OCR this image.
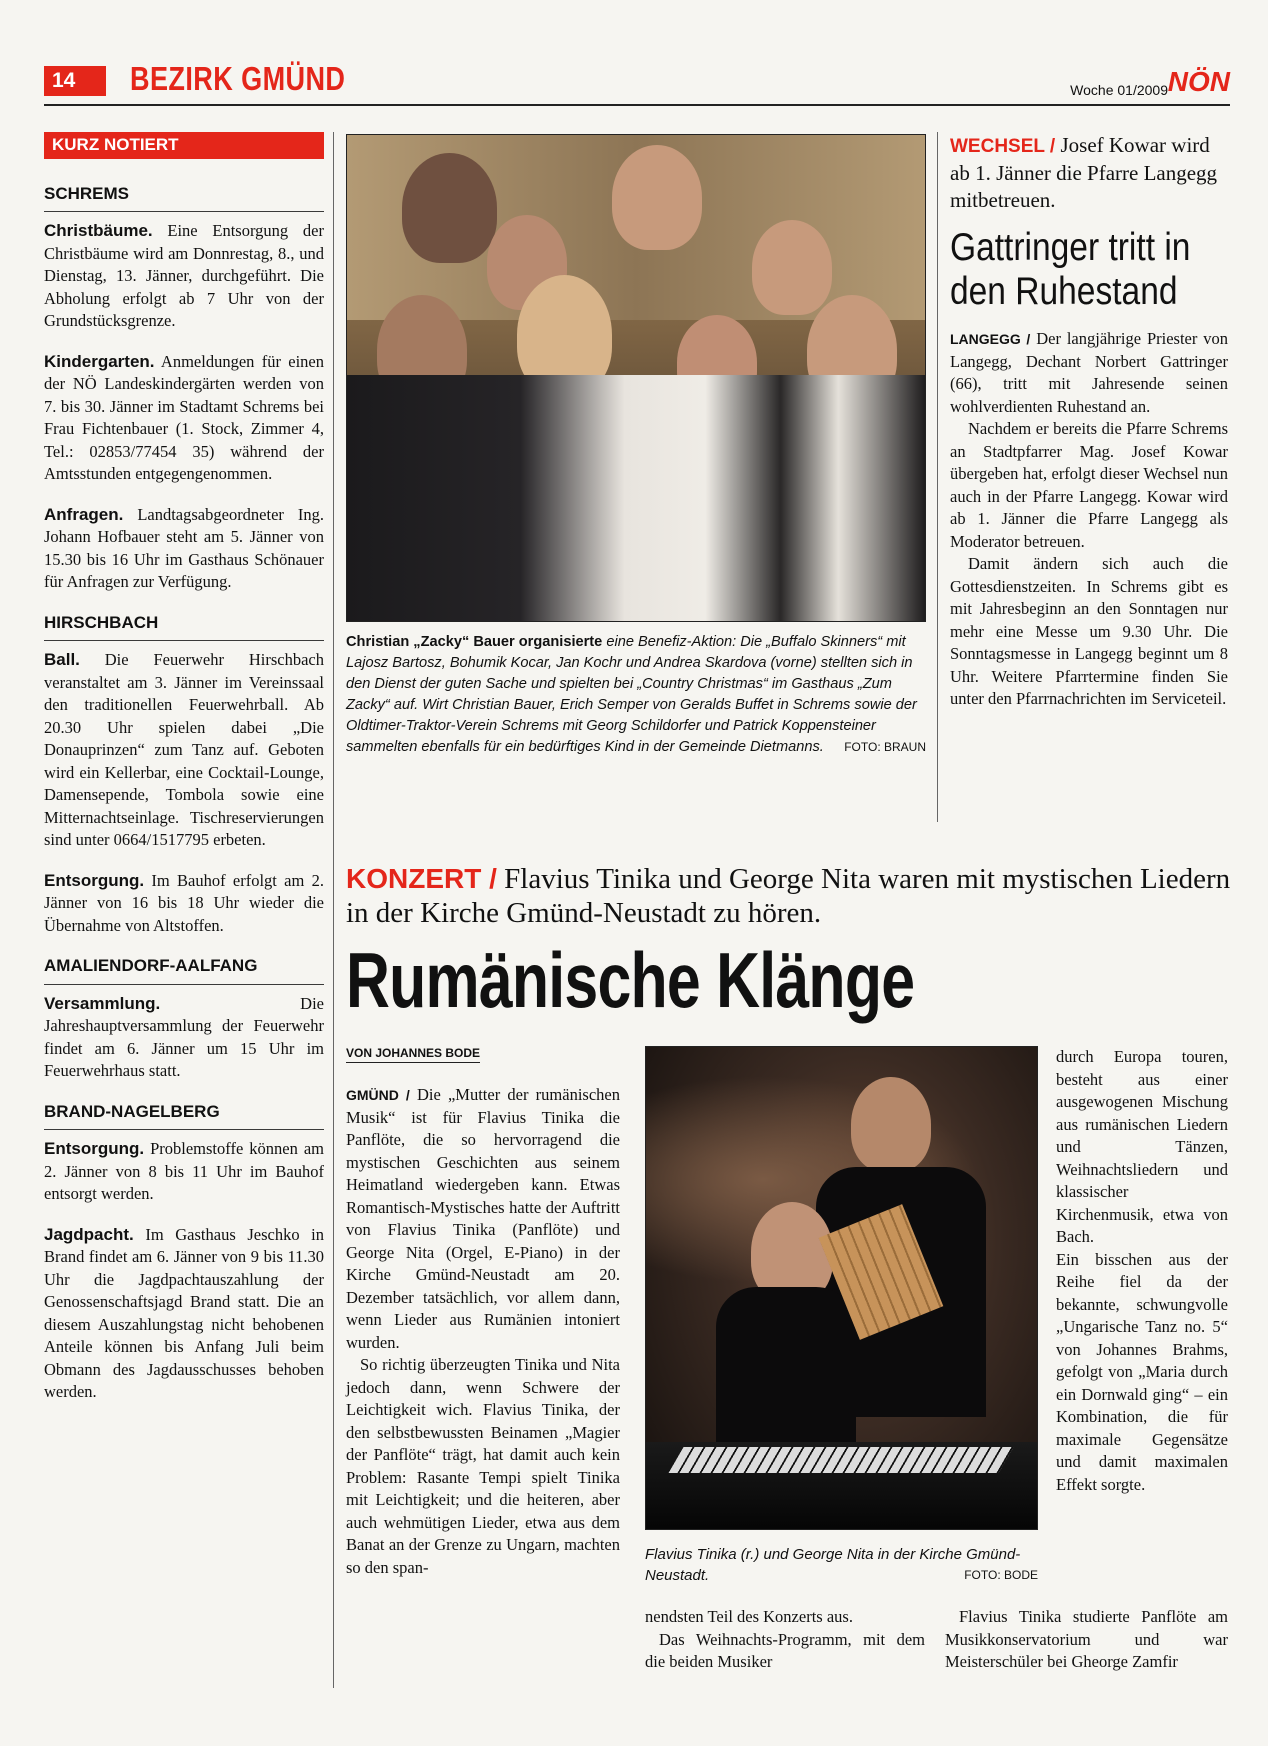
14	BEZIRK GMÜND	Woche 01/2009 NÖN
KURZ NOTIERT
SCHREMS
Christbäume. Eine Entsorgung der Christbäume wird am Donnrestag, 8., und Dienstag, 13. Jänner, durchgeführt. Die Abholung erfolgt ab 7 Uhr von der Grundstücksgrenze.
Kindergarten. Anmeldungen für einen der NÖ Landeskindergärten werden von 7. bis 30. Jänner im Stadtamt Schrems bei Frau Fichtenbauer (1. Stock, Zimmer 4, Tel.: 02853/77454 35) während der Amtsstunden entgegengenommen.
Anfragen. Landtagsabgeordneter Ing. Johann Hofbauer steht am 5. Jänner von 15.30 bis 16 Uhr im Gasthaus Schönauer für Anfragen zur Verfügung.
HIRSCHBACH
Ball. Die Feuerwehr Hirschbach veranstaltet am 3. Jänner im Vereinssaal den traditionellen Feuerwehrball. Ab 20.30 Uhr spielen dabei „Die Donauprinzen“ zum Tanz auf. Geboten wird ein Kellerbar, eine Cocktail-Lounge, Damensepende, Tombola sowie eine Mitternachtseinlage. Tischreservierungen sind unter 0664/1517795 erbeten.
Entsorgung. Im Bauhof erfolgt am 2. Jänner von 16 bis 18 Uhr wieder die Übernahme von Altstoffen.
AMALIENDORF-AALFANG
Versammlung. Die Jahreshauptversammlung der Feuerwehr findet am 6. Jänner um 15 Uhr im Feuerwehrhaus statt.
BRAND-NAGELBERG
Entsorgung. Problemstoffe können am 2. Jänner von 8 bis 11 Uhr im Bauhof entsorgt werden.
Jagdpacht. Im Gasthaus Jeschko in Brand findet am 6. Jänner von 9 bis 11.30 Uhr die Jagdpachtauszahlung der Genossenschaftsjagd Brand statt. Die an diesem Auszahlungstag nicht behobenen Anteile können bis Anfang Juli beim Obmann des Jagdausschusses behoben werden.
Christian „Zacky“ Bauer organisierte eine Benefiz-Aktion: Die „Buffalo Skinners“ mit Lajosz Bartosz, Bohumik Kocar, Jan Kochr und Andrea Skardova (vorne) stellten sich in den Dienst der guten Sache und spielten bei „Country Christmas“ im Gasthaus „Zum Zacky“ auf. Wirt Christian Bauer, Erich Semper von Geralds Buffet in Schrems sowie der Oldtimer-Traktor-Verein Schrems mit Georg Schildorfer und Patrick Koppensteiner sammelten ebenfalls für ein bedürftiges Kind in der Gemeinde Dietmanns. FOTO: BRAUN
WECHSEL / Josef Kowar wird ab 1. Jänner die Pfarre Langegg mitbetreuen.
Gattringer tritt in den Ruhestand

LANGEGG / Der langjährige Priester von Langegg, Dechant Norbert Gattringer (66), tritt mit Jahresende seinen wohlverdienten Ruhestand an.

Nachdem er bereits die Pfarre Schrems an Stadtpfarrer Mag. Josef Kowar übergeben hat, erfolgt dieser Wechsel nun auch in der Pfarre Langegg. Kowar wird ab 1. Jänner die Pfarre Langegg als Moderator betreuen.

Damit ändern sich auch die Gottesdienstzeiten. In Schrems gibt es mit Jahresbeginn an den Sonntagen nur mehr eine Messe um 9.30 Uhr. Die Sonntagsmesse in Langegg beginnt um 8 Uhr. Weitere Pfarrtermine finden Sie unter den Pfarrnachrichten im Serviceteil.

KONZERT / Flavius Tinika und George Nita waren mit mystischen Liedern in der Kirche Gmünd-Neustadt zu hören.
Rumänische Klänge
VON JOHANNES BODE

GMÜND / Die „Mutter der rumänischen Musik“ ist für Flavius Tinika die Panflöte, die so hervorragend die mystischen Geschichten aus seinem Heimatland wiedergeben kann. Etwas Romantisch-Mystisches hatte der Auftritt von Flavius Tinika (Panflöte) und George Nita (Orgel, E-Piano) in der Kirche Gmünd-Neustadt am 20. Dezember tatsächlich, vor allem dann, wenn Lieder aus Rumänien intoniert wurden.

So richtig überzeugten Tinika und Nita jedoch dann, wenn Schwere der Leichtigkeit wich. Flavius Tinika, der den selbstbewussten Beinamen „Magier der Panflöte“ trägt, hat damit auch kein Problem: Rasante Tempi spielt Tinika mit Leichtigkeit; und die heiteren, aber auch wehmütigen Lieder, etwa aus dem Banat an der Grenze zu Ungarn, machten so den span-

Flavius Tinika (r.) und George Nita in der Kirche Gmünd-Neustadt.	FOTO: BODE
nendsten Teil des Konzerts aus.

Das Weihnachts-Programm, mit dem die beiden Musiker

durch Europa touren, besteht aus einer ausgewogenen Mischung aus rumänischen Liedern und Tänzen, Weihnachtsliedern und klassischer Kirchenmusik, etwa von Bach.
Ein bisschen aus der Reihe fiel da der bekannte, schwungvolle „Ungarische Tanz no. 5“ von Johannes Brahms, gefolgt von „Maria durch ein Dornwald ging“ – ein Kombination, die für maximale Gegensätze und damit maximalen Effekt sorgte.
Flavius Tinika studierte Panflöte am Musikkonservatorium und war Meisterschüler bei Gheorge Zamfir
